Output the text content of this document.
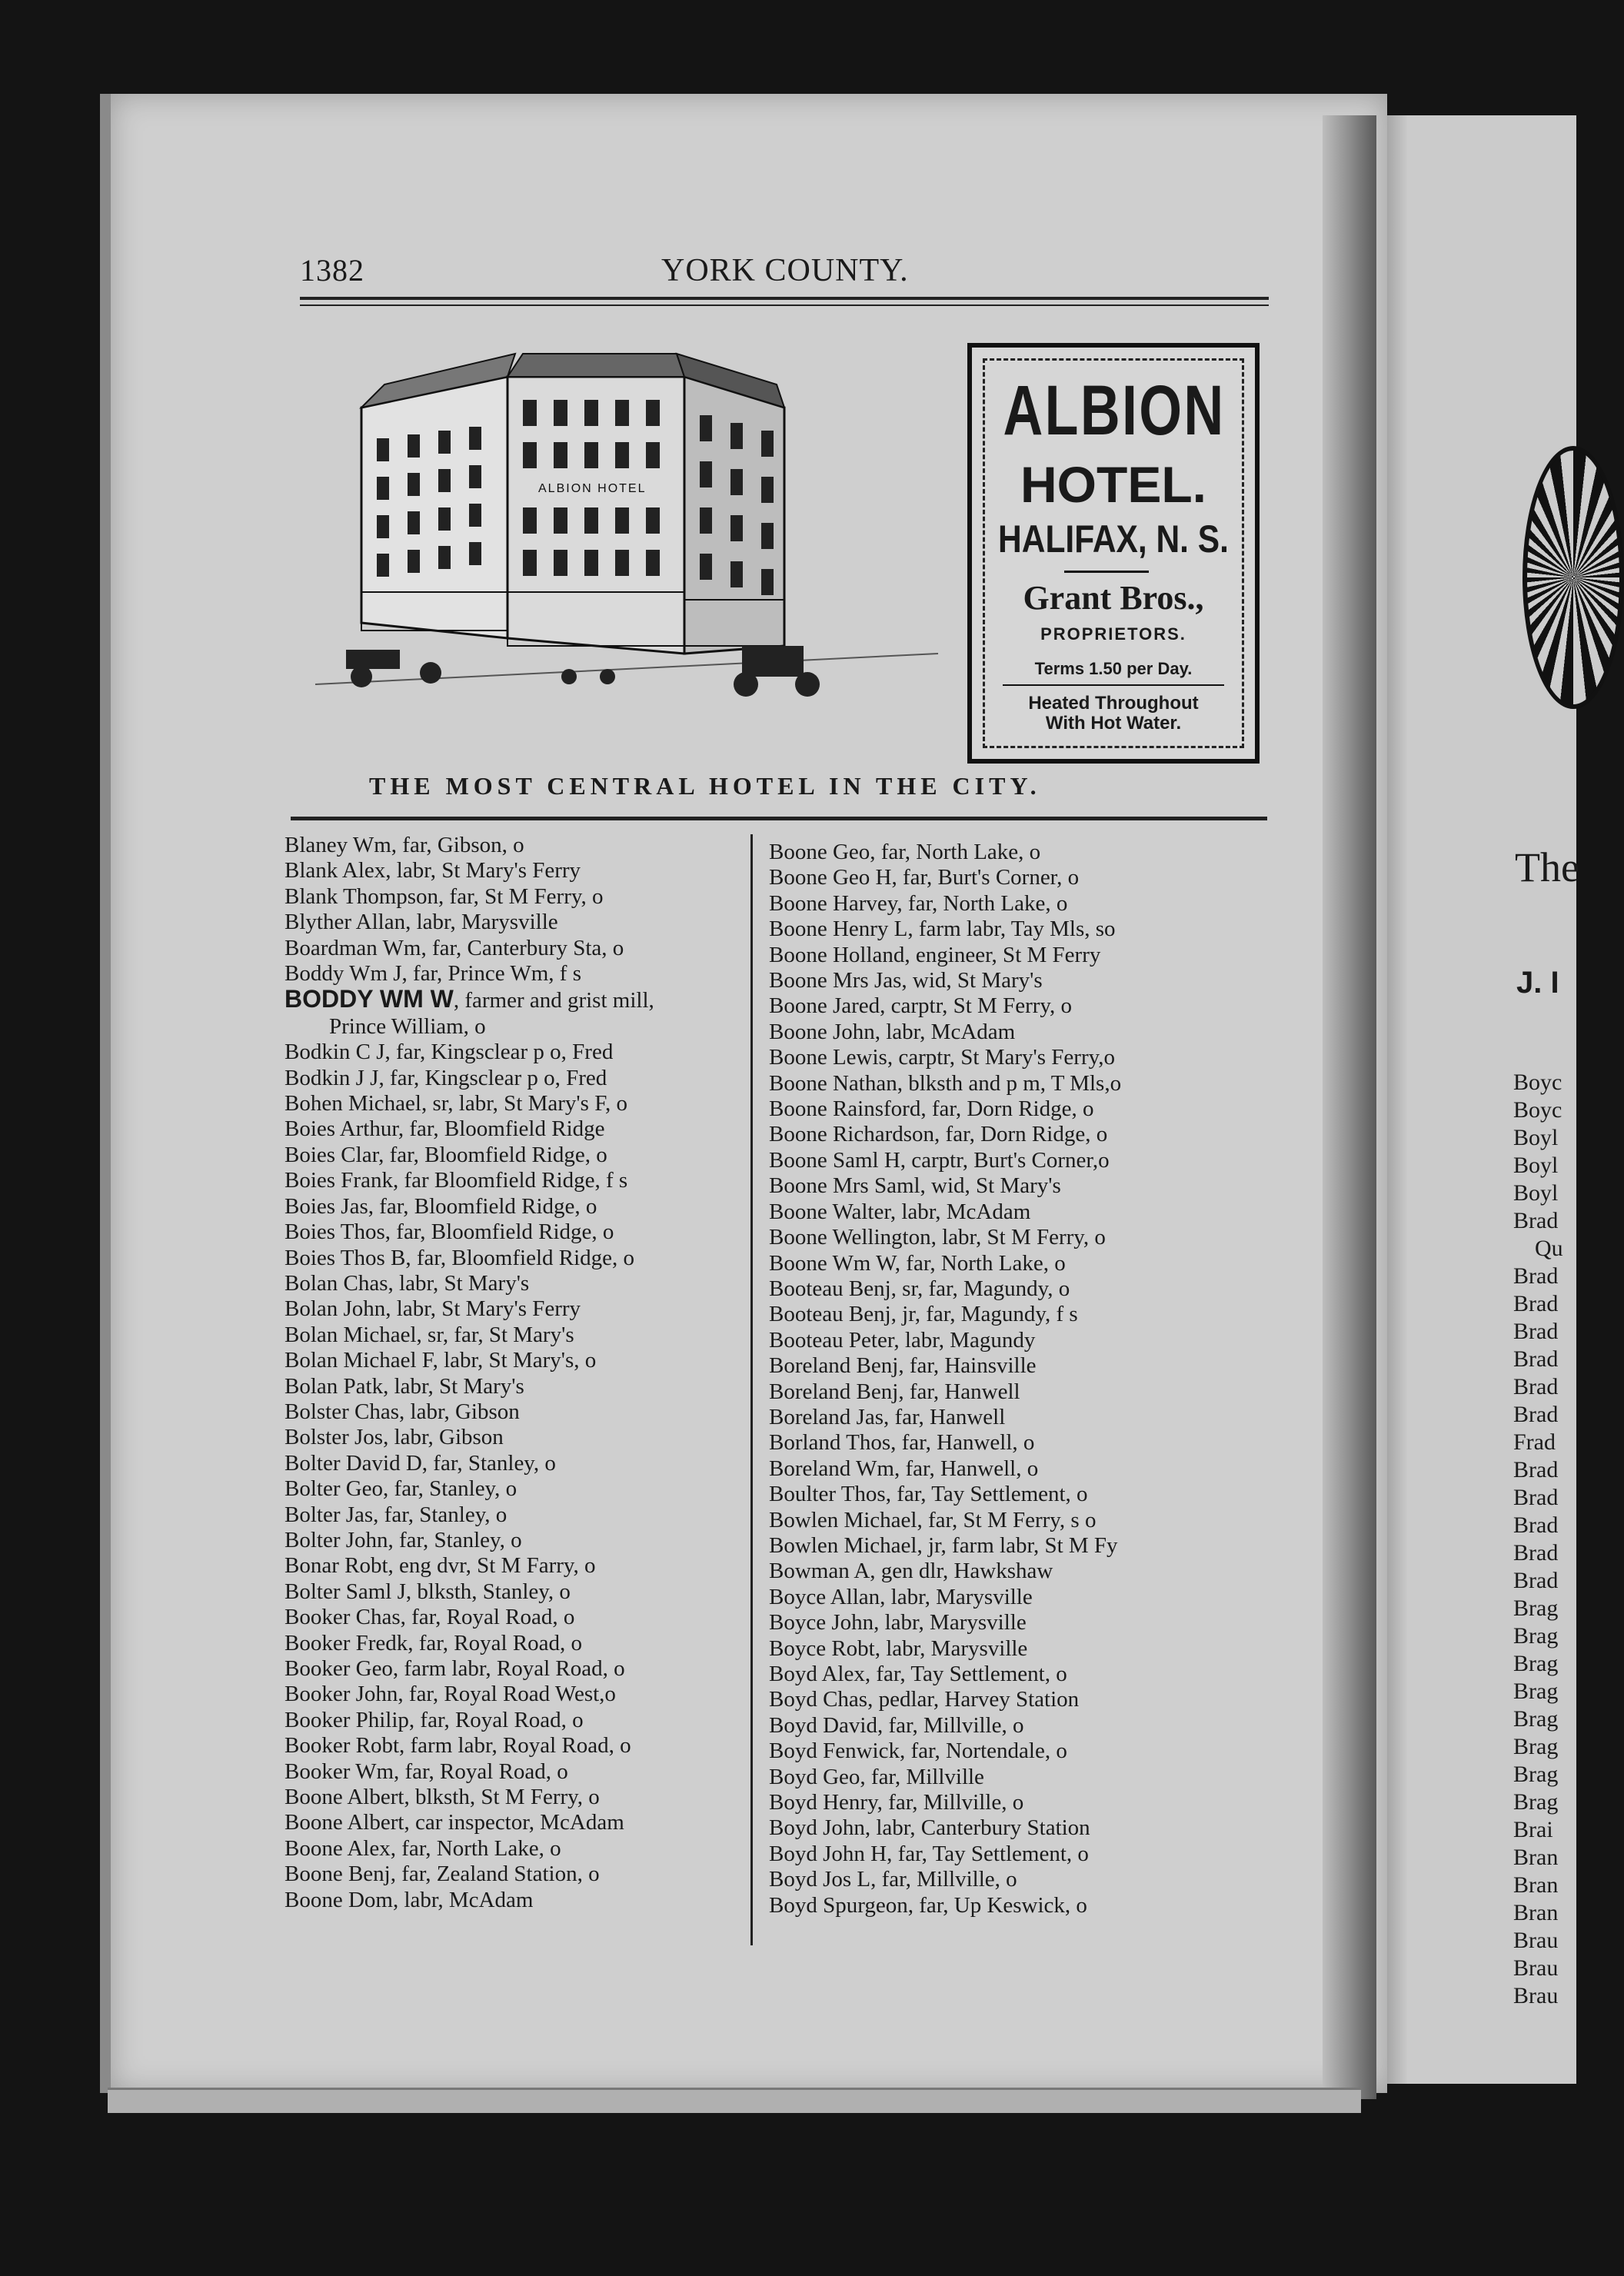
1382	YORK COUNTY.
ALBION HOTEL
ALBION
HOTEL.
HALIFAX, N. S.
Grant Bros.,
PROPRIETORS.
Terms 1.50 per Day.
Heated Throughout
With Hot Water.
THE MOST CENTRAL HOTEL IN THE CITY.
Blaney Wm, far, Gibson, o
Blank Alex, labr, St Mary's Ferry
Blank Thompson, far, St M Ferry, o
Blyther Allan, labr, Marysville
Boardman Wm, far, Canterbury Sta, o
Boddy Wm J, far, Prince Wm, f s
BODDY WM W, farmer and grist mill,
Prince William, o
Bodkin C J, far, Kingsclear p o, Fred
Bodkin J J, far, Kingsclear p o, Fred
Bohen Michael, sr, labr, St Mary's F, o
Boies Arthur, far, Bloomfield Ridge
Boies Clar, far, Bloomfield Ridge, o
Boies Frank, far Bloomfield Ridge, f s
Boies Jas, far, Bloomfield Ridge, o
Boies Thos, far, Bloomfield Ridge, o
Boies Thos B, far, Bloomfield Ridge, o
Bolan Chas, labr, St Mary's
Bolan John, labr, St Mary's Ferry
Bolan Michael, sr, far, St Mary's
Bolan Michael F, labr, St Mary's, o
Bolan Patk, labr, St Mary's
Bolster Chas, labr, Gibson
Bolster Jos, labr, Gibson
Bolter David D, far, Stanley, o
Bolter Geo, far, Stanley, o
Bolter Jas, far, Stanley, o
Bolter John, far, Stanley, o
Bonar Robt, eng dvr, St M Farry, o
Bolter Saml J, blksth, Stanley, o
Booker Chas, far, Royal Road, o
Booker Fredk, far, Royal Road, o
Booker Geo, farm labr, Royal Road, o
Booker John, far, Royal Road West,o
Booker Philip, far, Royal Road, o
Booker Robt, farm labr, Royal Road, o
Booker Wm, far, Royal Road, o
Boone Albert, blksth, St M Ferry, o
Boone Albert, car inspector, McAdam
Boone Alex, far, North Lake, o
Boone Benj, far, Zealand Station, o
Boone Dom, labr, McAdam
Boone Geo, far, North Lake, o
Boone Geo H, far, Burt's Corner, o
Boone Harvey, far, North Lake, o
Boone Henry L, farm labr, Tay Mls, so
Boone Holland, engineer, St M Ferry
Boone Mrs Jas, wid, St Mary's
Boone Jared, carptr, St M Ferry, o
Boone John, labr, McAdam
Boone Lewis, carptr, St Mary's Ferry,o
Boone Nathan, blksth and p m, T Mls,o
Boone Rainsford, far, Dorn Ridge, o
Boone Richardson, far, Dorn Ridge, o
Boone Saml H, carptr, Burt's Corner,o
Boone Mrs Saml, wid, St Mary's
Boone Walter, labr, McAdam
Boone Wellington, labr, St M Ferry, o
Boone Wm W, far, North Lake, o
Booteau Benj, sr, far, Magundy, o
Booteau Benj, jr, far, Magundy, f s
Booteau Peter, labr, Magundy
Boreland Benj, far, Hainsville
Boreland Benj, far, Hanwell
Boreland Jas, far, Hanwell
Borland Thos, far, Hanwell, o
Boreland Wm, far, Hanwell, o
Boulter Thos, far, Tay Settlement, o
Bowlen Michael, far, St M Ferry, s o
Bowlen Michael, jr, farm labr, St M Fy
Bowman A, gen dlr, Hawkshaw
Boyce Allan, labr, Marysville
Boyce John, labr, Marysville
Boyce Robt, labr, Marysville
Boyd Alex, far, Tay Settlement, o
Boyd Chas, pedlar, Harvey Station
Boyd David, far, Millville, o
Boyd Fenwick, far, Nortendale, o
Boyd Geo, far, Millville
Boyd Henry, far, Millville, o
Boyd John, labr, Canterbury Station
Boyd John H, far, Tay Settlement, o
Boyd Jos L, far, Millville, o
Boyd Spurgeon, far, Up Keswick, o
The
J. I
Boyc
Boyc
Boyl
Boyl
Boyl
Brad
Qu
Brad
Brad
Brad
Brad
Brad
Brad
Frad
Brad
Brad
Brad
Brad
Brad
Brag
Brag
Brag
Brag
Brag
Brag
Brag
Brag
Brai
Bran
Bran
Bran
Brau
Brau
Brau
